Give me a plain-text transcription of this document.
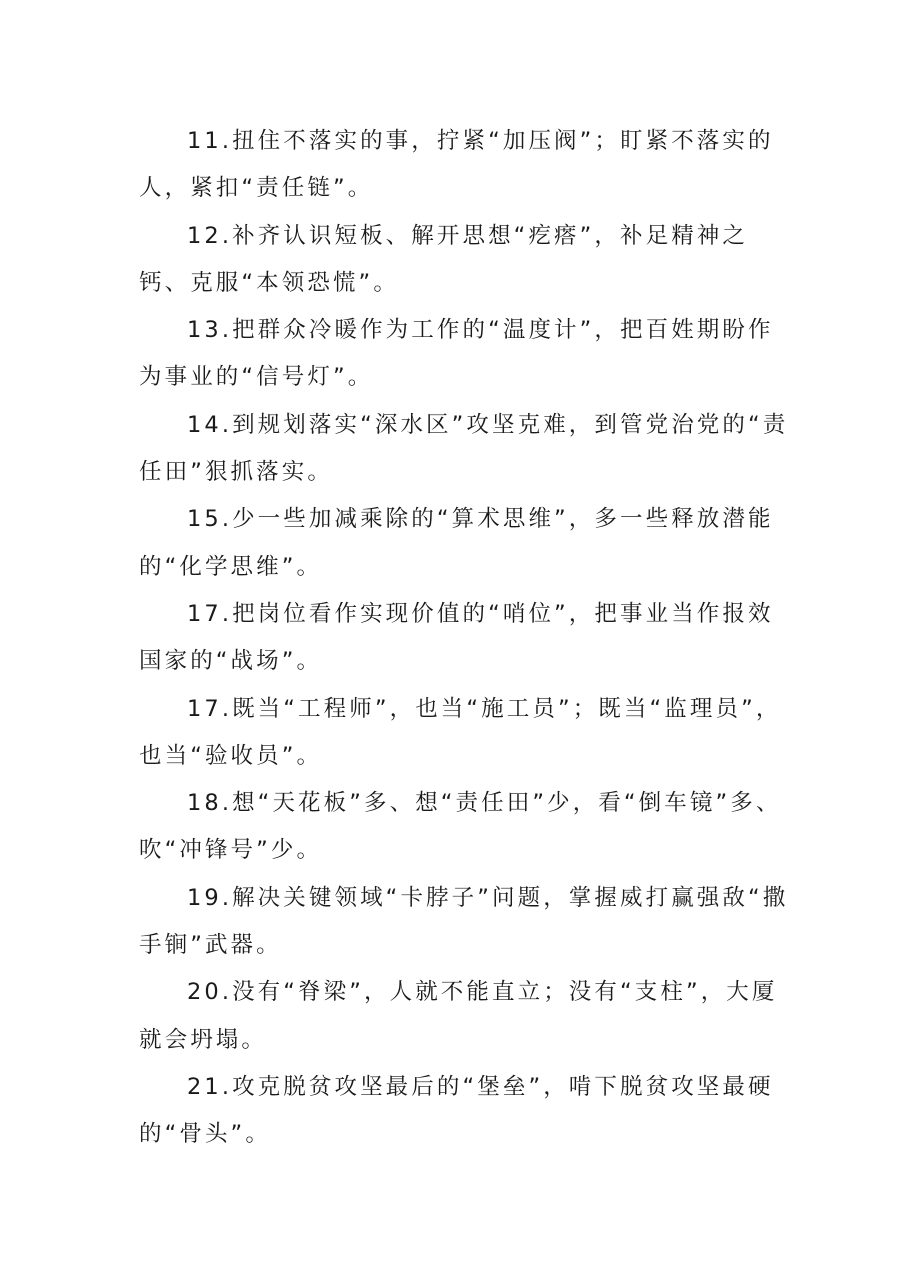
11.扭住不落实的事，拧紧“加压阀”；盯紧不落实的人，紧扣“责任链”。

12.补齐认识短板、解开思想“疙瘩”，补足精神之钙、克服“本领恐慌”。

13.把群众冷暖作为工作的“温度计”，把百姓期盼作为事业的“信号灯”。

14.到规划落实“深水区”攻坚克难，到管党治党的“责任田”狠抓落实。

15.少一些加减乘除的“算术思维”，多一些释放潜能的“化学思维”。

17.把岗位看作实现价值的“哨位”，把事业当作报效国家的“战场”。

17.既当“工程师”，也当“施工员”；既当“监理员”，也当“验收员”。

18.想“天花板”多、想“责任田”少，看“倒车镜”多、吹“冲锋号”少。

19.解决关键领域“卡脖子”问题，掌握威打赢强敌“撒手锏”武器。

20.没有“脊梁”，人就不能直立；没有“支柱”，大厦就会坍塌。

21.攻克脱贫攻坚最后的“堡垒”，啃下脱贫攻坚最硬的“骨头”。
